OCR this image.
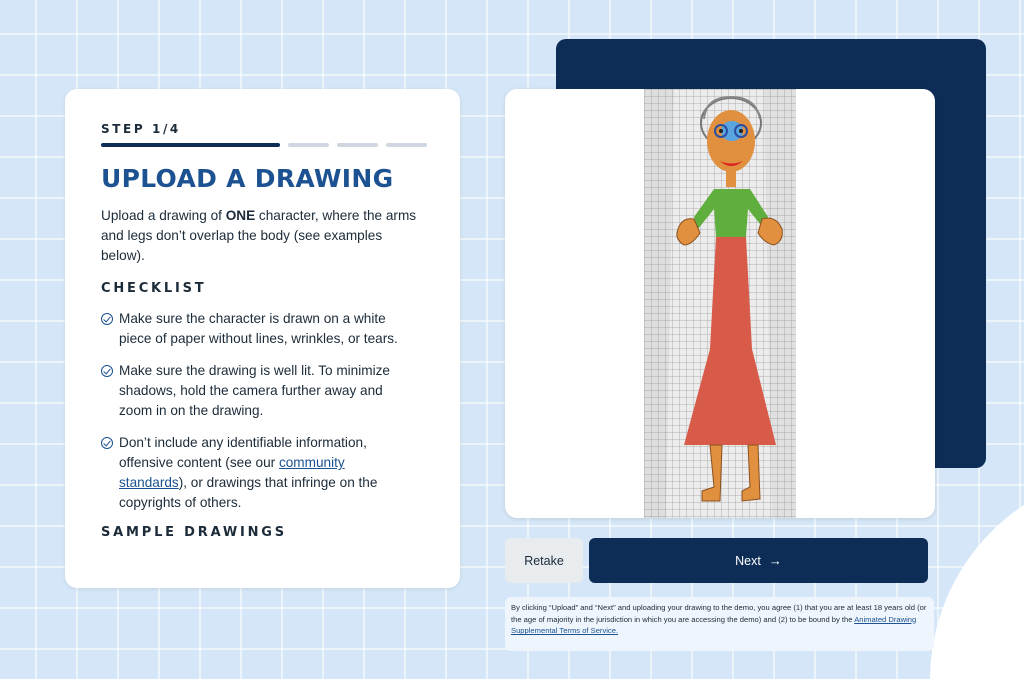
STEP 1/4
UPLOAD A DRAWING

Upload a drawing of ONE character, where the arms and legs don’t overlap the body (see examples below).

CHECKLIST
Make sure the character is drawn on a white piece of paper without lines, wrinkles, or tears.
Make sure the drawing is well lit. To minimize shadows, hold the camera further away and zoom in on the drawing.
Don’t include any identifiable information, offensive content (see our community standards), or drawings that infringe on the copyrights of others.
SAMPLE DRAWINGS
Retake	Next →
By clicking “Upload” and “Next” and uploading your drawing to the demo, you agree (1) that you are at least 18 years old (or the age of majority in the jurisdiction in which you are accessing the demo) and (2) to be bound by the Animated Drawing Supplemental Terms of Service.
